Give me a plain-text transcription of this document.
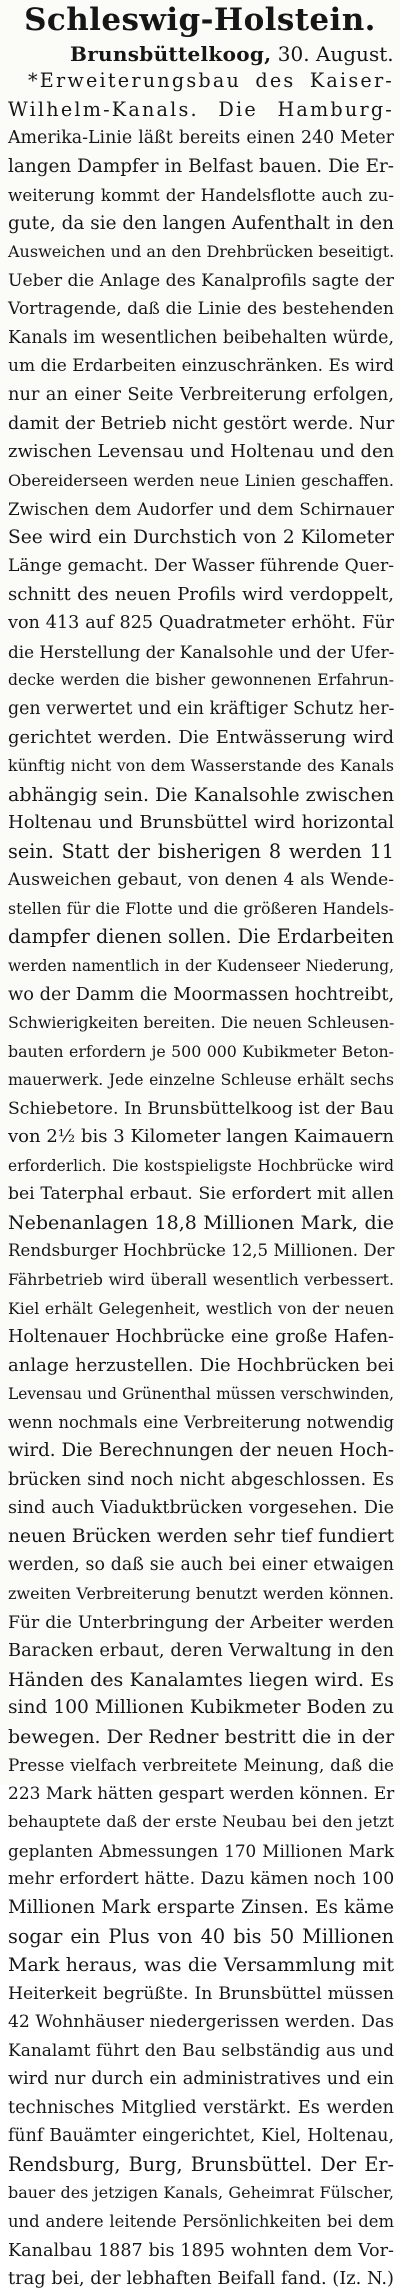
Schleswig-Holstein.
Brunsbüttelkoog, 30. August.
*Erweiterungsbau des Kaiser-
Wilhelm-Kanals. Die Hamburg-
Amerika-Linie läßt bereits einen 240 Meter
langen Dampfer in Belfast bauen. Die Er-
weiterung kommt der Handelsflotte auch zu-
gute, da sie den langen Aufenthalt in den
Ausweichen und an den Drehbrücken beseitigt.
Ueber die Anlage des Kanalprofils sagte der
Vortragende, daß die Linie des bestehenden
Kanals im wesentlichen beibehalten würde,
um die Erdarbeiten einzuschränken. Es wird
nur an einer Seite Verbreiterung erfolgen,
damit der Betrieb nicht gestört werde. Nur
zwischen Levensau und Holtenau und den
Obereiderseen werden neue Linien geschaffen.
Zwischen dem Audorfer und dem Schirnauer
See wird ein Durchstich von 2 Kilometer
Länge gemacht. Der Wasser führende Quer-
schnitt des neuen Profils wird verdoppelt,
von 413 auf 825 Quadratmeter erhöht. Für
die Herstellung der Kanalsohle und der Ufer-
decke werden die bisher gewonnenen Erfahrun-
gen verwertet und ein kräftiger Schutz her-
gerichtet werden. Die Entwässerung wird
künftig nicht von dem Wasserstande des Kanals
abhängig sein. Die Kanalsohle zwischen
Holtenau und Brunsbüttel wird horizontal
sein. Statt der bisherigen 8 werden 11
Ausweichen gebaut, von denen 4 als Wende-
stellen für die Flotte und die größeren Handels-
dampfer dienen sollen. Die Erdarbeiten
werden namentlich in der Kudenseer Niederung,
wo der Damm die Moormassen hochtreibt,
Schwierigkeiten bereiten. Die neuen Schleusen-
bauten erfordern je 500 000 Kubikmeter Beton-
mauerwerk. Jede einzelne Schleuse erhält sechs
Schiebetore. In Brunsbüttelkoog ist der Bau
von 2½ bis 3 Kilometer langen Kaimauern
erforderlich. Die kostspieligste Hochbrücke wird
bei Taterphal erbaut. Sie erfordert mit allen
Nebenanlagen 18,8 Millionen Mark, die
Rendsburger Hochbrücke 12,5 Millionen. Der
Fährbetrieb wird überall wesentlich verbessert.
Kiel erhält Gelegenheit, westlich von der neuen
Holtenauer Hochbrücke eine große Hafen-
anlage herzustellen. Die Hochbrücken bei
Levensau und Grünenthal müssen verschwinden,
wenn nochmals eine Verbreiterung notwendig
wird. Die Berechnungen der neuen Hoch-
brücken sind noch nicht abgeschlossen. Es
sind auch Viaduktbrücken vorgesehen. Die
neuen Brücken werden sehr tief fundiert
werden, so daß sie auch bei einer etwaigen
zweiten Verbreiterung benutzt werden können.
Für die Unterbringung der Arbeiter werden
Baracken erbaut, deren Verwaltung in den
Händen des Kanalamtes liegen wird. Es
sind 100 Millionen Kubikmeter Boden zu
bewegen. Der Redner bestritt die in der
Presse vielfach verbreitete Meinung, daß die
223 Mark hätten gespart werden können. Er
behauptete daß der erste Neubau bei den jetzt
geplanten Abmessungen 170 Millionen Mark
mehr erfordert hätte. Dazu kämen noch 100
Millionen Mark ersparte Zinsen. Es käme
sogar ein Plus von 40 bis 50 Millionen
Mark heraus, was die Versammlung mit
Heiterkeit begrüßte. In Brunsbüttel müssen
42 Wohnhäuser niedergerissen werden. Das
Kanalamt führt den Bau selbständig aus und
wird nur durch ein administratives und ein
technisches Mitglied verstärkt. Es werden
fünf Bauämter eingerichtet, Kiel, Holtenau,
Rendsburg, Burg, Brunsbüttel. Der Er-
bauer des jetzigen Kanals, Geheimrat Fülscher,
und andere leitende Persönlichkeiten bei dem
Kanalbau 1887 bis 1895 wohnten dem Vor-
trag bei, der lebhaften Beifall fand. (Iz. N.)
